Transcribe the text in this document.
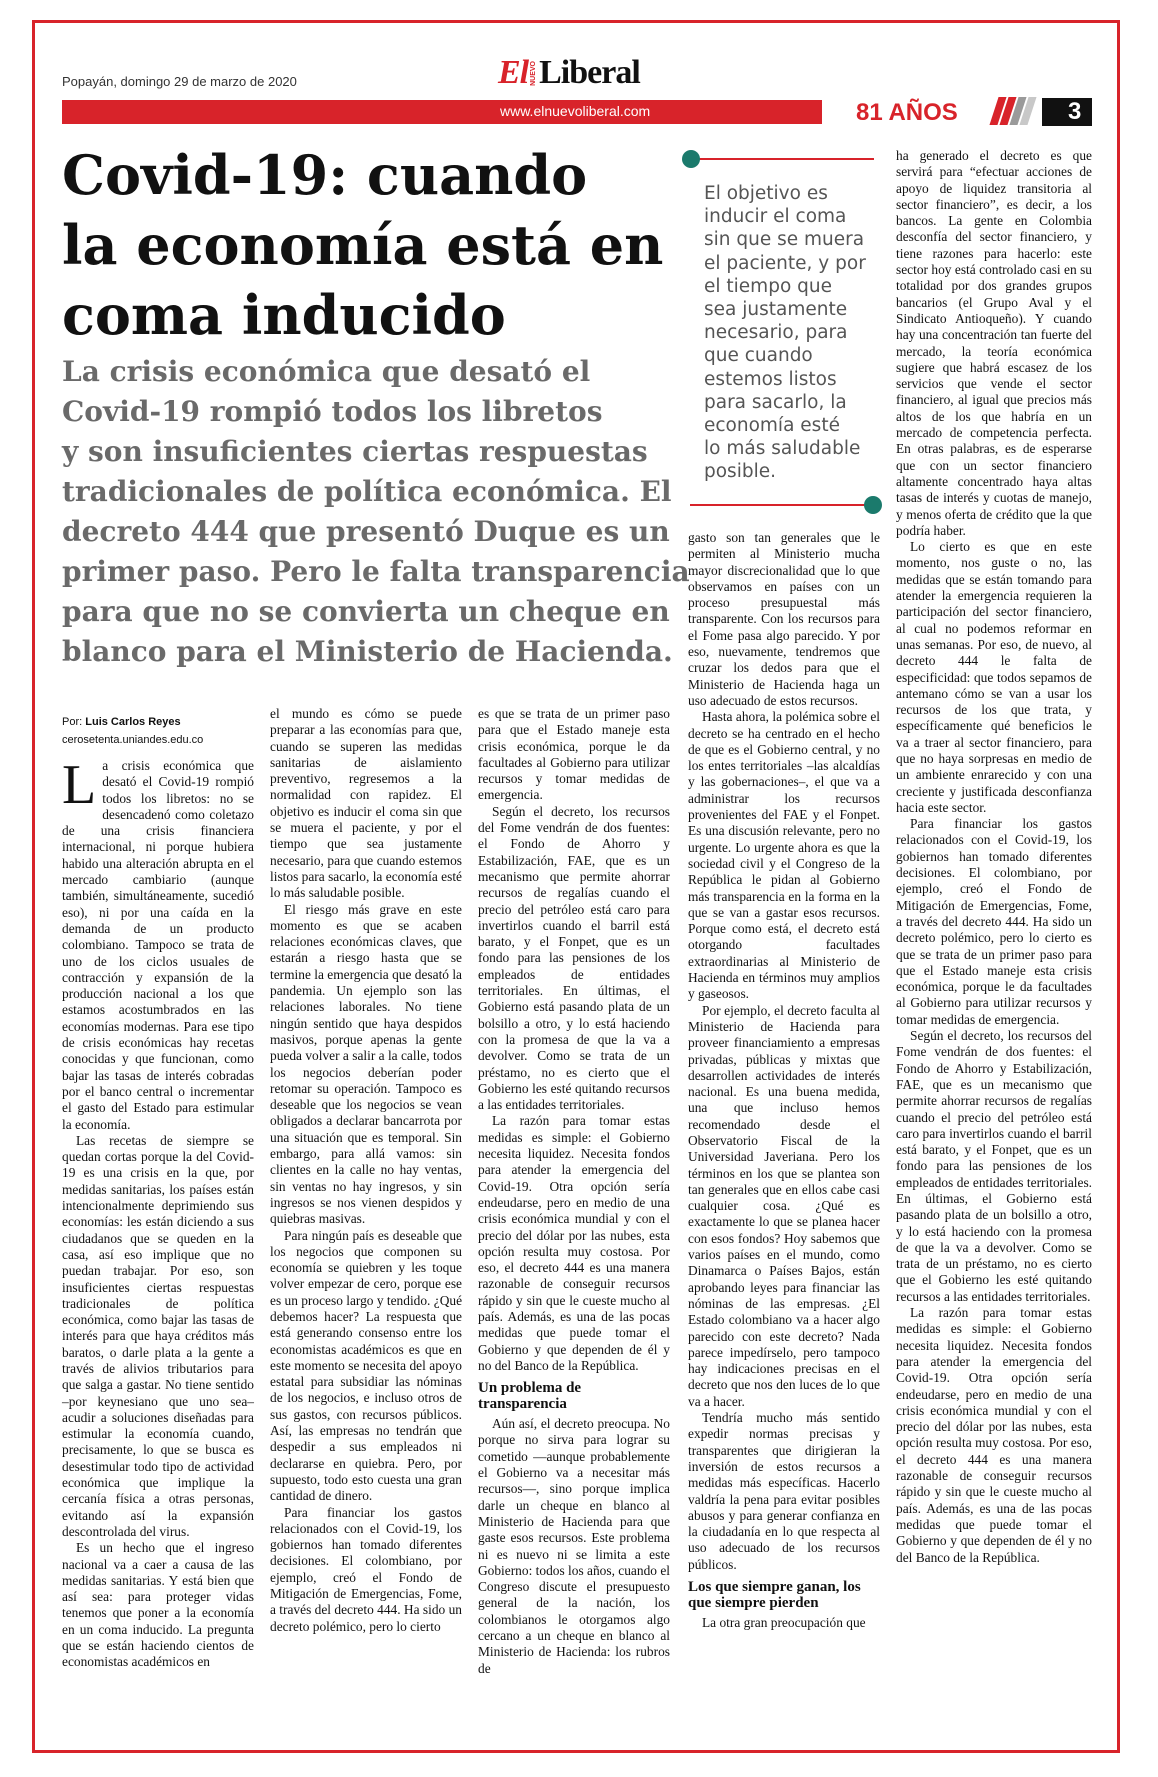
Popayán, domingo 29 de marzo de 2020	El NUEVO Liberal
www.elnuevoliberal.com	81 AÑOS	3
Covid-19: cuando
la economía está en
coma inducido
La crisis económica que desató el
Covid-19 rompió todos los libretos
y son insuficientes ciertas respuestas
tradicionales de política económica. El
decreto 444 que presentó Duque es un
primer paso. Pero le falta transparencia
para que no se convierta un cheque en
blanco para el Ministerio de Hacienda.
El objetivo es
inducir el coma
sin que se muera
el paciente, y por
el tiempo que
sea justamente
necesario, para
que cuando
estemos listos
para sacarlo, la
economía esté
lo más saludable
posible.
Por: Luis Carlos Reyes
cerosetenta.uniandes.edu.co

La crisis económica que desató el Covid-19 rompió todos los libretos: no se desencadenó como coletazo de una crisis financiera internacional, ni porque hubiera habido una alteración abrupta en el mercado cambiario (aunque también, simultáneamente, sucedió eso), ni por una caída en la demanda de un producto colombiano. Tampoco se trata de uno de los ciclos usuales de contracción y expansión de la producción nacional a los que estamos acostumbrados en las economías modernas. Para ese tipo de crisis económicas hay recetas conocidas y que funcionan, como bajar las tasas de interés cobradas por el banco central o incrementar el gasto del Estado para estimular la economía.

Las recetas de siempre se quedan cortas porque la del Covid-19 es una crisis en la que, por medidas sanitarias, los países están intencionalmente deprimiendo sus economías: les están diciendo a sus ciudadanos que se queden en la casa, así eso implique que no puedan trabajar. Por eso, son insuficientes ciertas respuestas tradicionales de política económica, como bajar las tasas de interés para que haya créditos más baratos, o darle plata a la gente a través de alivios tributarios para que salga a gastar. No tiene sentido –por keynesiano que uno sea– acudir a soluciones diseñadas para estimular la economía cuando, precisamente, lo que se busca es desestimular todo tipo de actividad económica que implique la cercanía física a otras personas, evitando así la expansión descontrolada del virus.

Es un hecho que el ingreso nacional va a caer a causa de las medidas sanitarias. Y está bien que así sea: para proteger vidas tenemos que poner a la economía en un coma inducido. La pregunta que se están haciendo cientos de economistas académicos en

el mundo es cómo se puede preparar a las economías para que, cuando se superen las medidas sanitarias de aislamiento preventivo, regresemos a la normalidad con rapidez. El objetivo es inducir el coma sin que se muera el paciente, y por el tiempo que sea justamente necesario, para que cuando estemos listos para sacarlo, la economía esté lo más saludable posible.

El riesgo más grave en este momento es que se acaben relaciones económicas claves, que estarán a riesgo hasta que se termine la emergencia que desató la pandemia. Un ejemplo son las relaciones laborales. No tiene ningún sentido que haya despidos masivos, porque apenas la gente pueda volver a salir a la calle, todos los negocios deberían poder retomar su operación. Tampoco es deseable que los negocios se vean obligados a declarar bancarrota por una situación que es temporal. Sin embargo, para allá vamos: sin clientes en la calle no hay ventas, sin ventas no hay ingresos, y sin ingresos se nos vienen despidos y quiebras masivas.

Para ningún país es deseable que los negocios que componen su economía se quiebren y les toque volver empezar de cero, porque ese es un proceso largo y tendido. ¿Qué debemos hacer? La respuesta que está generando consenso entre los economistas académicos es que en este momento se necesita del apoyo estatal para subsidiar las nóminas de los negocios, e incluso otros de sus gastos, con recursos públicos. Así, las empresas no tendrán que despedir a sus empleados ni declararse en quiebra. Pero, por supuesto, todo esto cuesta una gran cantidad de dinero.

Para financiar los gastos relacionados con el Covid-19, los gobiernos han tomado diferentes decisiones. El colombiano, por ejemplo, creó el Fondo de Mitigación de Emergencias, Fome, a través del decreto 444. Ha sido un decreto polémico, pero lo cierto

es que se trata de un primer paso para que el Estado maneje esta crisis económica, porque le da facultades al Gobierno para utilizar recursos y tomar medidas de emergencia.

Según el decreto, los recursos del Fome vendrán de dos fuentes: el Fondo de Ahorro y Estabilización, FAE, que es un mecanismo que permite ahorrar recursos de regalías cuando el precio del petróleo está caro para invertirlos cuando el barril está barato, y el Fonpet, que es un fondo para las pensiones de los empleados de entidades territoriales. En últimas, el Gobierno está pasando plata de un bolsillo a otro, y lo está haciendo con la promesa de que la va a devolver. Como se trata de un préstamo, no es cierto que el Gobierno les esté quitando recursos a las entidades territoriales.

La razón para tomar estas medidas es simple: el Gobierno necesita liquidez. Necesita fondos para atender la emergencia del Covid-19. Otra opción sería endeudarse, pero en medio de una crisis económica mundial y con el precio del dólar por las nubes, esta opción resulta muy costosa. Por eso, el decreto 444 es una manera razonable de conseguir recursos rápido y sin que le cueste mucho al país. Además, es una de las pocas medidas que puede tomar el Gobierno y que dependen de él y no del Banco de la República.

Un problema de transparencia

Aún así, el decreto preocupa. No porque no sirva para lograr su cometido —aunque probablemente el Gobierno va a necesitar más recursos—, sino porque implica darle un cheque en blanco al Ministerio de Hacienda para que gaste esos recursos. Este problema ni es nuevo ni se limita a este Gobierno: todos los años, cuando el Congreso discute el presupuesto general de la nación, los colombianos le otorgamos algo cercano a un cheque en blanco al Ministerio de Hacienda: los rubros de

gasto son tan generales que le permiten al Ministerio mucha mayor discrecionalidad que lo que observamos en países con un proceso presupuestal más transparente. Con los recursos para el Fome pasa algo parecido. Y por eso, nuevamente, tendremos que cruzar los dedos para que el Ministerio de Hacienda haga un uso adecuado de estos recursos.

Hasta ahora, la polémica sobre el decreto se ha centrado en el hecho de que es el Gobierno central, y no los entes territoriales –las alcaldías y las gobernaciones–, el que va a administrar los recursos provenientes del FAE y el Fonpet. Es una discusión relevante, pero no urgente. Lo urgente ahora es que la sociedad civil y el Congreso de la República le pidan al Gobierno más transparencia en la forma en la que se van a gastar esos recursos. Porque como está, el decreto está otorgando facultades extraordinarias al Ministerio de Hacienda en términos muy amplios y gaseosos.

Por ejemplo, el decreto faculta al Ministerio de Hacienda para proveer financiamiento a empresas privadas, públicas y mixtas que desarrollen actividades de interés nacional. Es una buena medida, una que incluso hemos recomendado desde el Observatorio Fiscal de la Universidad Javeriana. Pero los términos en los que se plantea son tan generales que en ellos cabe casi cualquier cosa. ¿Qué es exactamente lo que se planea hacer con esos fondos? Hoy sabemos que varios países en el mundo, como Dinamarca o Países Bajos, están aprobando leyes para financiar las nóminas de las empresas. ¿El Estado colombiano va a hacer algo parecido con este decreto? Nada parece impedírselo, pero tampoco hay indicaciones precisas en el decreto que nos den luces de lo que va a hacer.

Tendría mucho más sentido expedir normas precisas y transparentes que dirigieran la inversión de estos recursos a medidas más específicas. Hacerlo valdría la pena para evitar posibles abusos y para generar confianza en la ciudadanía en lo que respecta al uso adecuado de los recursos públicos.

Los que siempre ganan, los que siempre pierden

La otra gran preocupación que

ha generado el decreto es que servirá para “efectuar acciones de apoyo de liquidez transitoria al sector financiero”, es decir, a los bancos. La gente en Colombia desconfía del sector financiero, y tiene razones para hacerlo: este sector hoy está controlado casi en su totalidad por dos grandes grupos bancarios (el Grupo Aval y el Sindicato Antioqueño). Y cuando hay una concentración tan fuerte del mercado, la teoría económica sugiere que habrá escasez de los servicios que vende el sector financiero, al igual que precios más altos de los que habría en un mercado de competencia perfecta. En otras palabras, es de esperarse que con un sector financiero altamente concentrado haya altas tasas de interés y cuotas de manejo, y menos oferta de crédito que la que podría haber.

Lo cierto es que en este momento, nos guste o no, las medidas que se están tomando para atender la emergencia requieren la participación del sector financiero, al cual no podemos reformar en unas semanas. Por eso, de nuevo, al decreto 444 le falta de especificidad: que todos sepamos de antemano cómo se van a usar los recursos de los que trata, y específicamente qué beneficios le va a traer al sector financiero, para que no haya sorpresas en medio de un ambiente enrarecido y con una creciente y justificada desconfianza hacia este sector.

Para financiar los gastos relacionados con el Covid-19, los gobiernos han tomado diferentes decisiones. El colombiano, por ejemplo, creó el Fondo de Mitigación de Emergencias, Fome, a través del decreto 444. Ha sido un decreto polémico, pero lo cierto es que se trata de un primer paso para que el Estado maneje esta crisis económica, porque le da facultades al Gobierno para utilizar recursos y tomar medidas de emergencia.

Según el decreto, los recursos del Fome vendrán de dos fuentes: el Fondo de Ahorro y Estabilización, FAE, que es un mecanismo que permite ahorrar recursos de regalías cuando el precio del petróleo está caro para invertirlos cuando el barril está barato, y el Fonpet, que es un fondo para las pensiones de los empleados de entidades territoriales. En últimas, el Gobierno está pasando plata de un bolsillo a otro, y lo está haciendo con la promesa de que la va a devolver. Como se trata de un préstamo, no es cierto que el Gobierno les esté quitando recursos a las entidades territoriales.

La razón para tomar estas medidas es simple: el Gobierno necesita liquidez. Necesita fondos para atender la emergencia del Covid-19. Otra opción sería endeudarse, pero en medio de una crisis económica mundial y con el precio del dólar por las nubes, esta opción resulta muy costosa. Por eso, el decreto 444 es una manera razonable de conseguir recursos rápido y sin que le cueste mucho al país. Además, es una de las pocas medidas que puede tomar el Gobierno y que dependen de él y no del Banco de la República.
